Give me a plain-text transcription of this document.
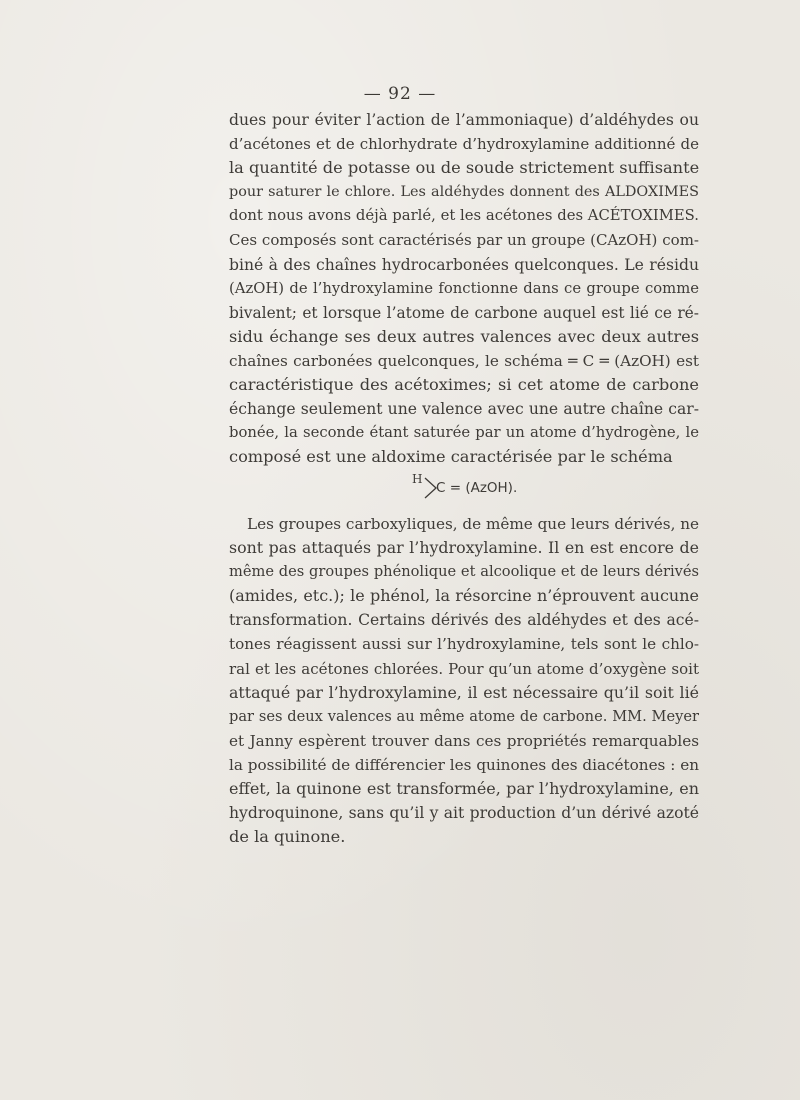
— 92 —
dues pour éviter l’action de l’ammoniaque) d’aldéhydes ou
d’acétones et de chlorhydrate d’hydroxylamine additionné de
la quantité de potasse ou de soude strictement suffisante
pour saturer le chlore. Les aldéhydes donnent des ALDOXIMES
dont nous avons déjà parlé, et les acétones des ACÉTOXIMES.
Ces composés sont caractérisés par un groupe (CAzOH) com-
biné à des chaînes hydrocarbonées quelconques. Le résidu
(AzOH) de l’hydroxylamine fonctionne dans ce groupe comme
bivalent; et lorsque l’atome de carbone auquel est lié ce ré-
sidu échange ses deux autres valences avec deux autres
chaînes carbonées quelconques, le schéma ═ C ═ (AzOH) est
caractéristique des acétoximes; si cet atome de carbone
échange seulement une valence avec une autre chaîne car-
bonée, la seconde étant saturée par un atome d’hydrogène, le
composé est une aldoxime caractérisée par le schéma
H
C = (AzOH).
Les groupes carboxyliques, de même que leurs dérivés, ne
sont pas attaqués par l’hydroxylamine. Il en est encore de
même des groupes phénolique et alcoolique et de leurs dérivés
(amides, etc.); le phénol, la résorcine n’éprouvent aucune
transformation. Certains dérivés des aldéhydes et des acé-
tones réagissent aussi sur l’hydroxylamine, tels sont le chlo-
ral et les acétones chlorées. Pour qu’un atome d’oxygène soit
attaqué par l’hydroxylamine, il est nécessaire qu’il soit lié
par ses deux valences au même atome de carbone. MM. Meyer
et Janny espèrent trouver dans ces propriétés remarquables
la possibilité de différencier les quinones des diacétones : en
effet, la quinone est transformée, par l’hydroxylamine, en
hydroquinone, sans qu’il y ait production d’un dérivé azoté
de la quinone.
